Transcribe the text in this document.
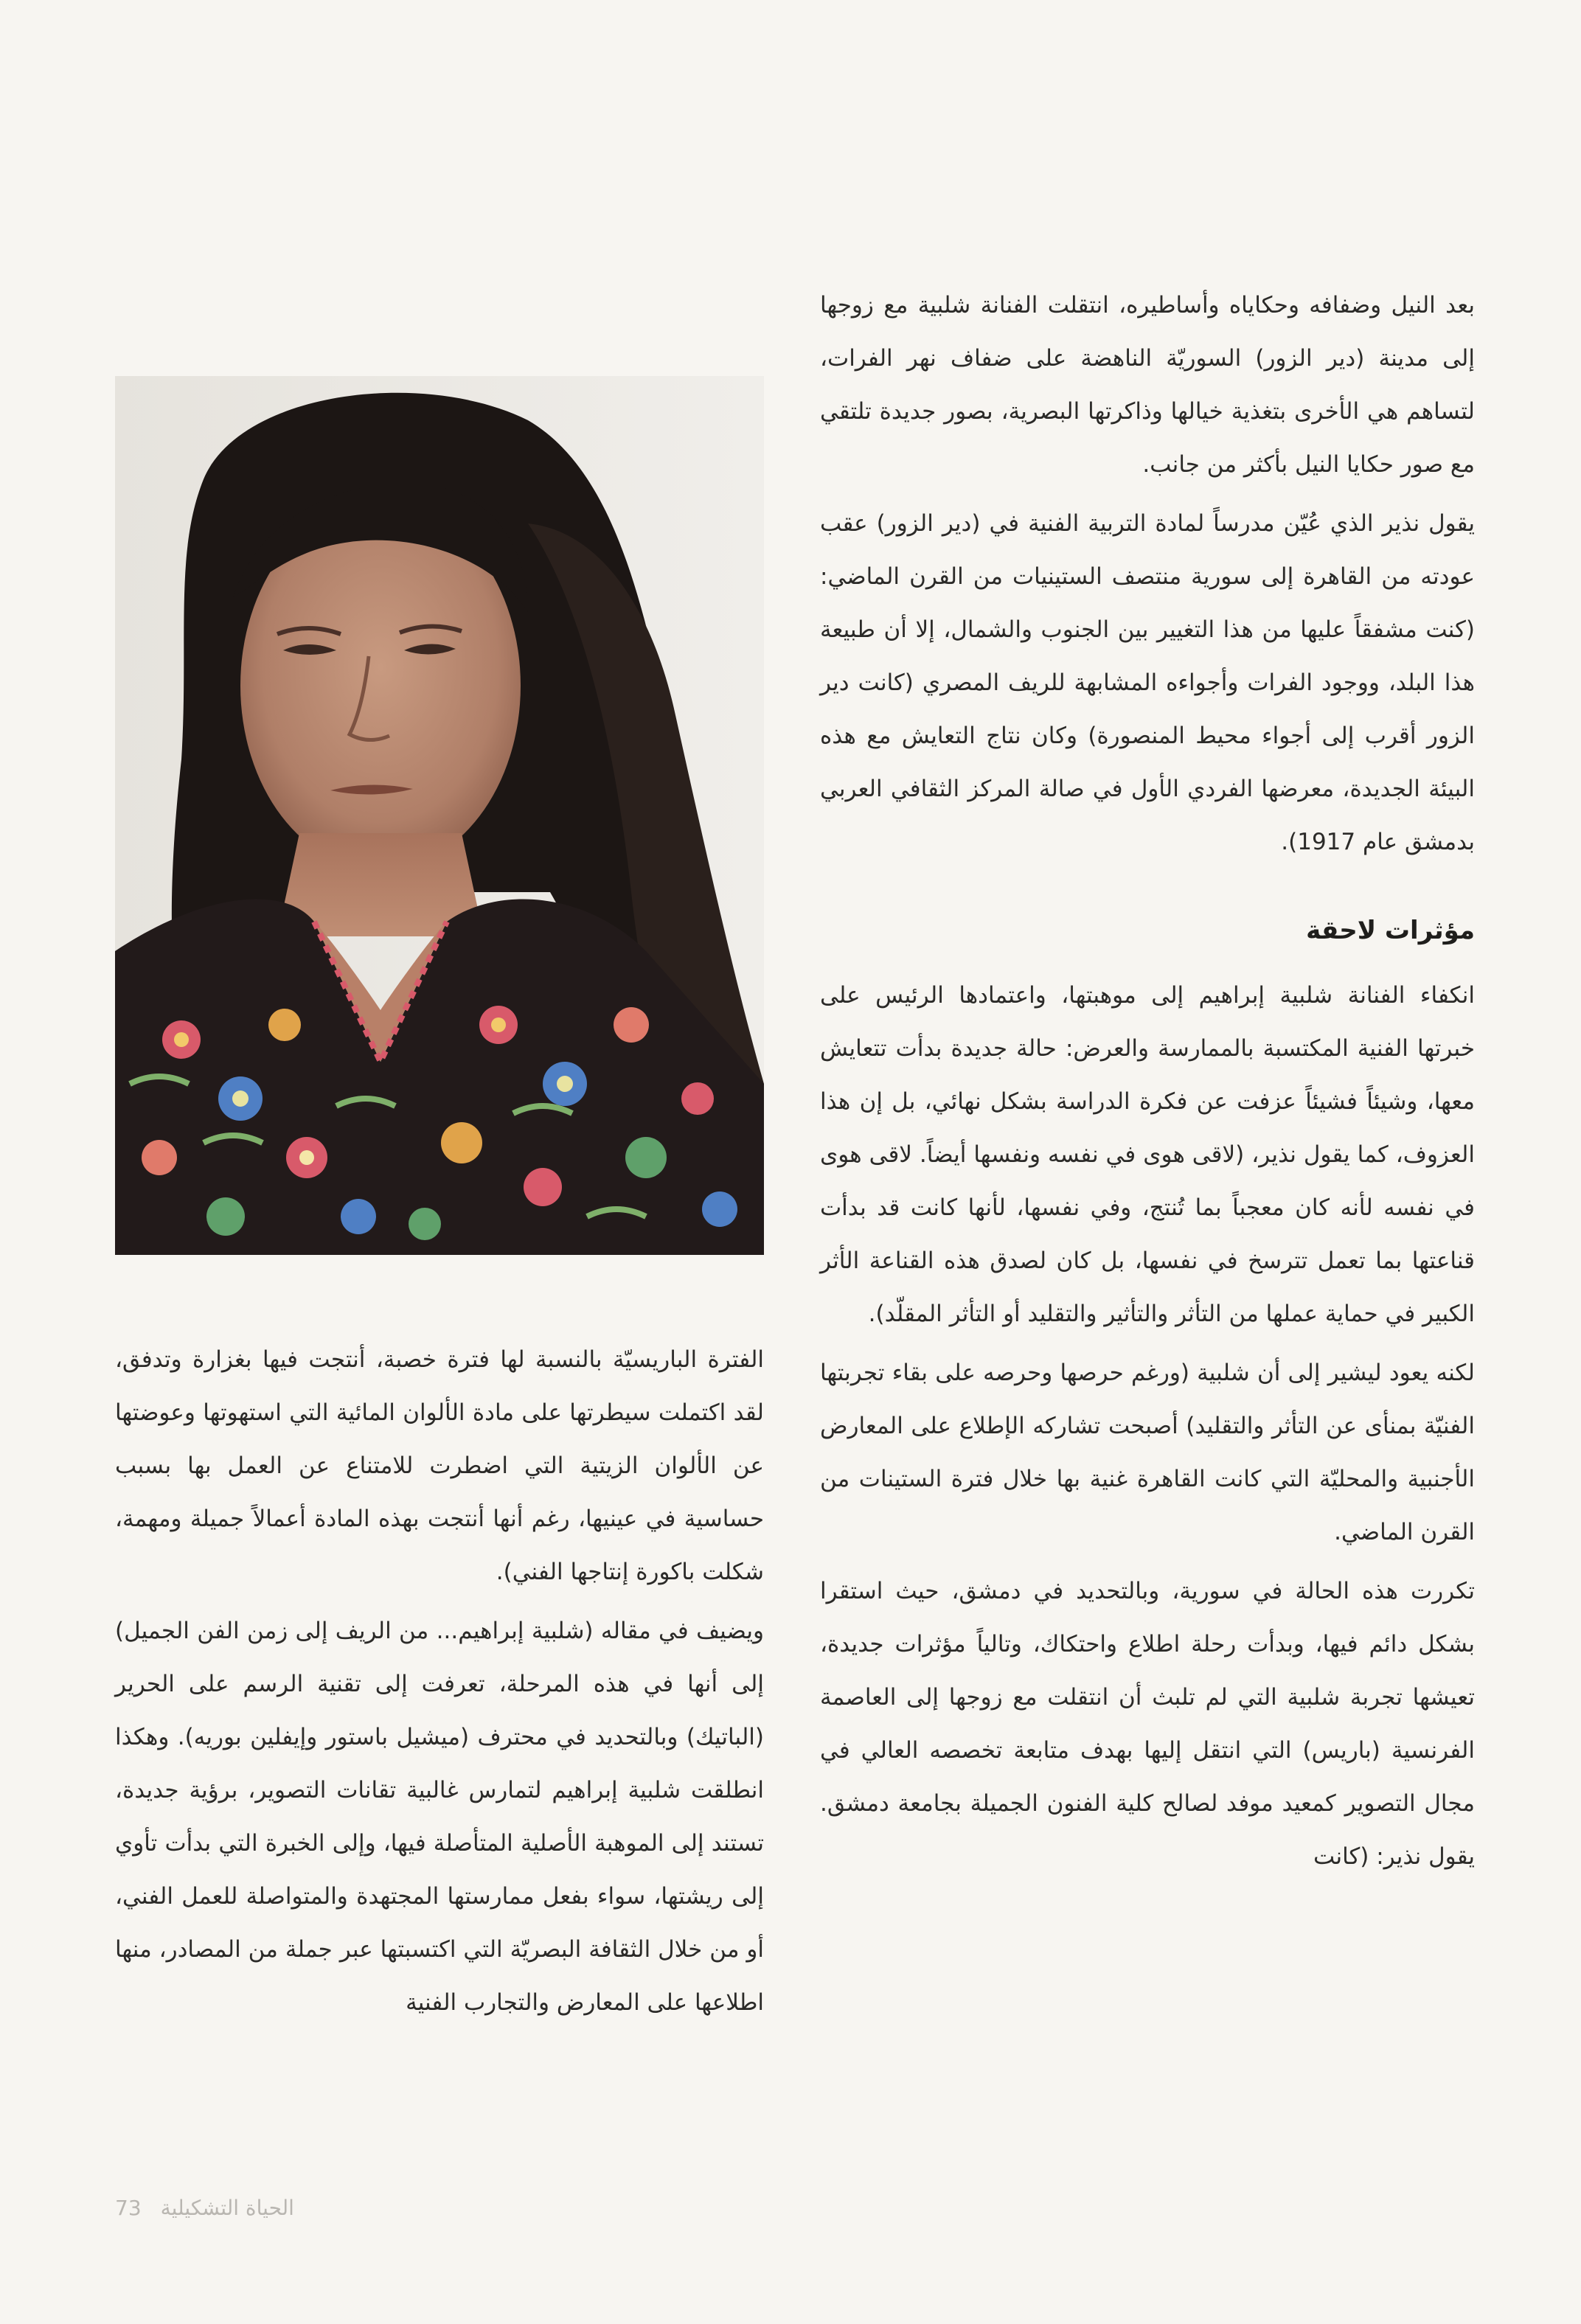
بعد النيل وضفافه وحكاياه وأساطيره، انتقلت الفنانة شلبية مع زوجها إلى مدينة (دير الزور) السوريّة الناهضة على ضفاف نهر الفرات، لتساهم هي الأخرى بتغذية خيالها وذاكرتها البصرية، بصور جديدة تلتقي مع صور حكايا النيل بأكثر من جانب.

يقول نذير الذي عُيّن مدرساً لمادة التربية الفنية في (دير الزور) عقب عودته من القاهرة إلى سورية منتصف الستينيات من القرن الماضي: (كنت مشفقاً عليها من هذا التغيير بين الجنوب والشمال، إلا أن طبيعة هذا البلد، ووجود الفرات وأجواءه المشابهة للريف المصري (كانت دير الزور أقرب إلى أجواء محيط المنصورة) وكان نتاج التعايش مع هذه البيئة الجديدة، معرضها الفردي الأول في صالة المركز الثقافي العربي بدمشق عام 1917).

مؤثرات لاحقة

انكفاء الفنانة شلبية إبراهيم إلى موهبتها، واعتمادها الرئيس على خبرتها الفنية المكتسبة بالممارسة والعرض: حالة جديدة بدأت تتعايش معها، وشيئاً فشيئاً عزفت عن فكرة الدراسة بشكل نهائي، بل إن هذا العزوف، كما يقول نذير، (لاقى هوى في نفسه ونفسها أيضاً. لاقى هوى في نفسه لأنه كان معجباً بما تُنتج، وفي نفسها، لأنها كانت قد بدأت قناعتها بما تعمل تترسخ في نفسها، بل كان لصدق هذه القناعة الأثر الكبير في حماية عملها من التأثر والتأثير والتقليد أو التأثر المقلّد).

لكنه يعود ليشير إلى أن شلبية (ورغم حرصها وحرصه على بقاء تجربتها الفنيّة بمنأى عن التأثر والتقليد) أصبحت تشاركه الإطلاع على المعارض الأجنبية والمحليّة التي كانت القاهرة غنية بها خلال فترة الستينات من القرن الماضي.

تكررت هذه الحالة في سورية، وبالتحديد في دمشق، حيث استقرا بشكل دائم فيها، وبدأت رحلة اطلاع واحتكاك، وتالياً مؤثرات جديدة، تعيشها تجربة شلبية التي لم تلبث أن انتقلت مع زوجها إلى العاصمة الفرنسية (باريس) التي انتقل إليها بهدف متابعة تخصصه العالي في مجال التصوير كمعيد موفد لصالح كلية الفنون الجميلة بجامعة دمشق. يقول نذير: (كانت

الفترة الباريسيّة بالنسبة لها فترة خصبة، أنتجت فيها بغزارة وتدفق، لقد اكتملت سيطرتها على مادة الألوان المائية التي استهوتها وعوضتها عن الألوان الزيتية التي اضطرت للامتناع عن العمل بها بسبب حساسية في عينيها، رغم أنها أنتجت بهذه المادة أعمالاً جميلة ومهمة، شكلت باكورة إنتاجها الفني).

ويضيف في مقاله (شلبية إبراهيم... من الريف إلى زمن الفن الجميل) إلى أنها في هذه المرحلة، تعرفت إلى تقنية الرسم على الحرير (الباتيك) وبالتحديد في محترف (ميشيل باستور وإيفلين بوريه). وهكذا انطلقت شلبية إبراهيم لتمارس غالبية تقانات التصوير، برؤية جديدة، تستند إلى الموهبة الأصلية المتأصلة فيها، وإلى الخبرة التي بدأت تأوي إلى ريشتها، سواء بفعل ممارستها المجتهدة والمتواصلة للعمل الفني، أو من خلال الثقافة البصريّة التي اكتسبتها عبر جملة من المصادر، منها اطلاعها على المعارض والتجارب الفنية

73 الحياة التشكيلية
